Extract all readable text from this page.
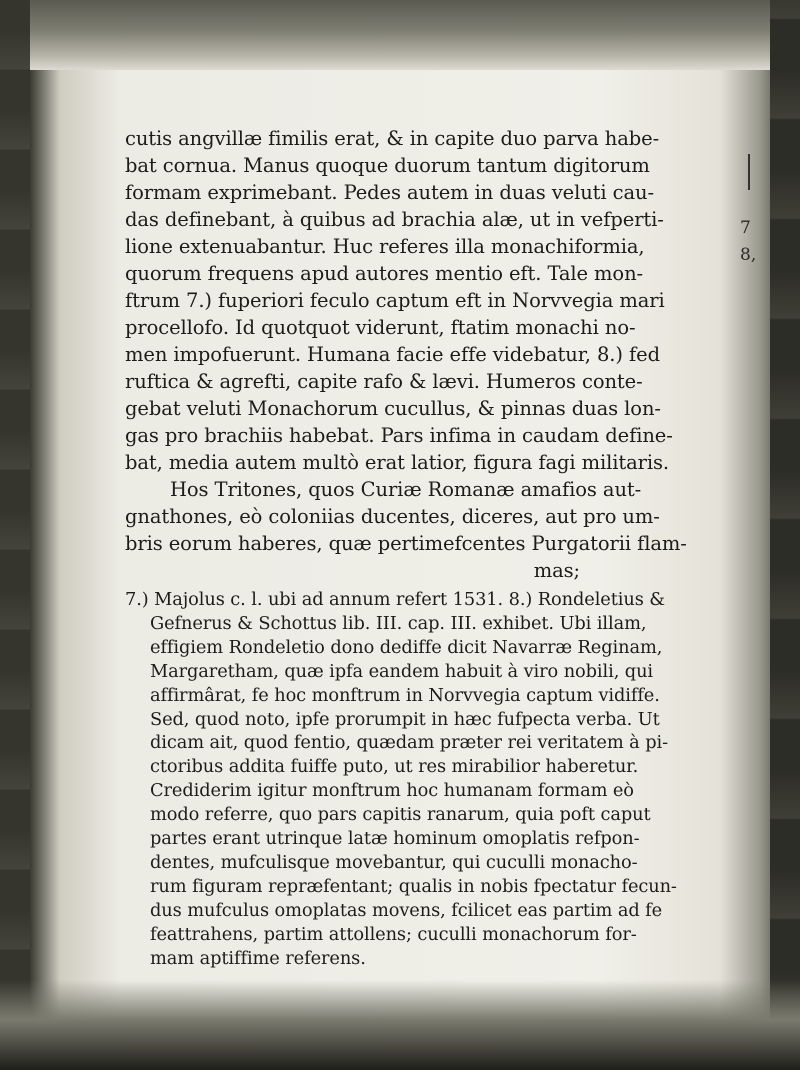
cutis angvillæ fimilis erat, & in capite duo parva habe-

bat cornua. Manus quoque duorum tantum digitorum

formam exprimebant. Pedes autem in duas veluti cau-

das definebant, à quibus ad brachia alæ, ut in vefperti-

lione extenuabantur. Huc referes illa monachiformia,

quorum frequens apud autores mentio eft. Tale mon-

ftrum 7.) fuperiori feculo captum eft in Norvvegia mari

procellofo. Id quotquot viderunt, ftatim monachi no-

men impofuerunt. Humana facie effe videbatur, 8.) fed

ruftica & agrefti, capite rafo & lævi. Humeros conte-

gebat veluti Monachorum cucullus, & pinnas duas lon-

gas pro brachiis habebat. Pars infima in caudam define-

bat, media autem multò erat latior, figura fagi militaris.

Hos Tritones, quos Curiæ Romanæ amafios aut-

gnathones, eò coloniias ducentes, diceres, aut pro um-

bris eorum haberes, quæ pertimefcentes Purgatorii flam-

mas;

7.) Majolus c. l. ubi ad annum refert 1531. 8.) Rondeletius &

Gefnerus & Schottus lib. III. cap. III. exhibet. Ubi illam,

effigiem Rondeletio dono dediffe dicit Navarræ Reginam,

Margaretham, quæ ipfa eandem habuit à viro nobili, qui

affirmârat, fe hoc monftrum in Norvvegia captum vidiffe.

Sed, quod noto, ipfe prorumpit in hæc fufpecta verba. Ut

dicam ait, quod fentio, quædam præter rei veritatem à pi-

ctoribus addita fuiffe puto, ut res mirabilior haberetur.

Crediderim igitur monftrum hoc humanam formam eò

modo referre, quo pars capitis ranarum, quia poft caput

partes erant utrinque latæ hominum omoplatis refpon-

dentes, mufculisque movebantur, qui cuculli monacho-

rum figuram repræfentant; qualis in nobis fpectatur fecun-

dus mufculus omoplatas movens, fcilicet eas partim ad fe

feattrahens, partim attollens; cuculli monachorum for-

mam aptiffime referens.

7
8,
